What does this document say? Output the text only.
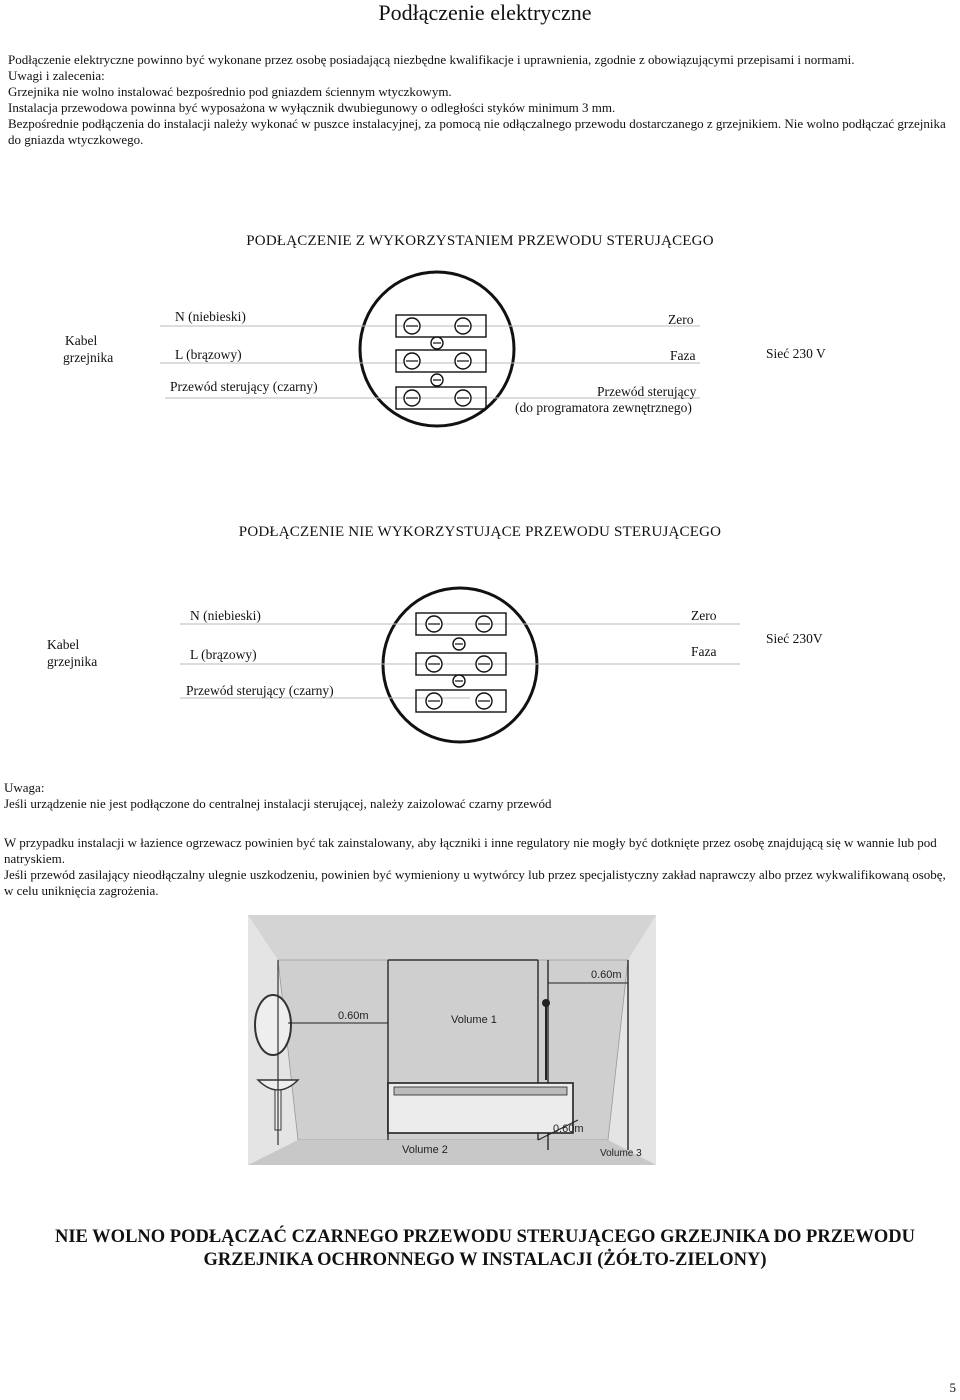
Podłączenie elektryczne

Podłączenie elektryczne powinno być wykonane przez osobę posiadającą niezbędne kwalifikacje i uprawnienia, zgodnie z obowiązującymi przepisami i normami.

Uwagi i zalecenia:

Grzejnika nie wolno instalować bezpośrednio pod gniazdem ściennym wtyczkowym.

Instalacja przewodowa powinna być wyposażona w wyłącznik dwubiegunowy o odległości styków minimum 3 mm.

Bezpośrednie podłączenia do instalacji należy wykonać w puszce instalacyjnej, za pomocą nie odłączalnego przewodu dostarczanego z grzejnikiem. Nie wolno podłączać grzejnika do gniazda wtyczkowego.

PODŁĄCZENIE Z WYKORZYSTANIEM PRZEWODU STERUJĄCEGO
Kabel
grzejnika
N (niebieski)
L (brązowy)
Przewód sterujący (czarny)
Zero
Faza	Sieć 230 V
Przewód sterujący
(do programatora zewnętrznego)
PODŁĄCZENIE NIE WYKORZYSTUJĄCE PRZEWODU STERUJĄCEGO
Kabel
grzejnika
N (niebieski)
L (brązowy)
Przewód sterujący (czarny)
Zero
Faza
Sieć 230V

Uwaga:

Jeśli urządzenie nie jest podłączone do centralnej instalacji sterującej, należy zaizolować czarny przewód

W przypadku instalacji w łazience ogrzewacz powinien być tak zainstalowany, aby łączniki i inne regulatory nie mogły być dotknięte przez osobę znajdującą się w wannie lub pod natryskiem.

Jeśli przewód zasilający nieodłączalny ulegnie uszkodzeniu, powinien być wymieniony u wytwórcy lub przez specjalistyczny zakład naprawczy albo przez wykwalifikowaną osobę, w celu uniknięcia zagrożenia.

0.60m
0.60m
0.60m
Volume 1
Volume 2	Volume 3
NIE WOLNO PODŁĄCZAĆ CZARNEGO PRZEWODU STERUJĄCEGO GRZEJNIKA DO PRZEWODU
GRZEJNIKA OCHRONNEGO W INSTALACJI (ŻÓŁTO-ZIELONY)
5
